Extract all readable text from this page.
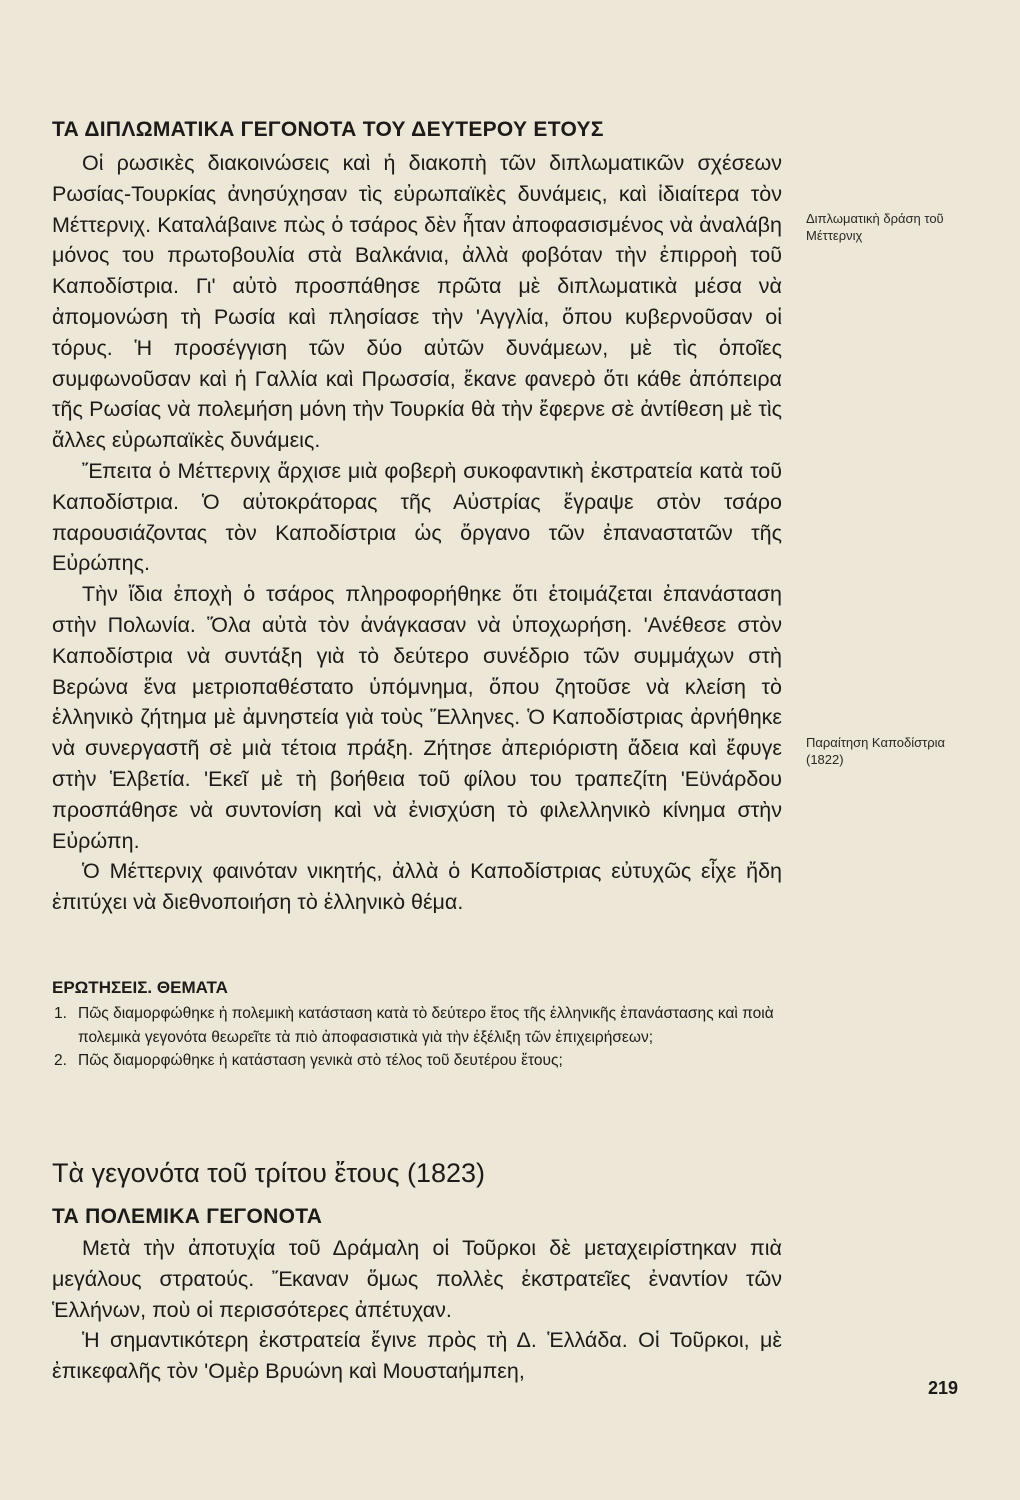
ΤΑ ΔΙΠΛΩΜΑΤΙΚΑ ΓΕΓΟΝΟΤΑ ΤΟΥ ΔΕΥΤΕΡΟΥ ΕΤΟΥΣ

Οἱ ρωσικὲς διακοινώσεις καὶ ἡ διακοπὴ τῶν διπλωματικῶν σχέσεων Ρωσίας-Τουρκίας ἀνησύχησαν τὶς εὐρωπαϊκὲς δυνάμεις, καὶ ἰδιαίτερα τὸν Μέττερνιχ. Καταλάβαινε πὼς ὁ τσάρος δὲν ἦταν ἀποφασισμένος νὰ ἀναλάβη μόνος του πρωτοβουλία στὰ Βαλκάνια, ἀλλὰ φοβόταν τὴν ἐπιρροὴ τοῦ Καποδίστρια. Γι' αὐτὸ προσπάθησε πρῶτα μὲ διπλωματικὰ μέσα νὰ ἀπομονώση τὴ Ρωσία καὶ πλησίασε τὴν 'Αγγλία, ὅπου κυβερνοῦσαν οἱ τόρυς. Ἡ προσέγγιση τῶν δύο αὐτῶν δυνάμεων, μὲ τὶς ὁποῖες συμφωνοῦσαν καὶ ἡ Γαλλία καὶ Πρωσσία, ἔκανε φανερὸ ὅτι κάθε ἀπόπειρα τῆς Ρωσίας νὰ πολεμήση μόνη τὴν Τουρκία θὰ τὴν ἔφερνε σὲ ἀντίθεση μὲ τὶς ἄλλες εὐρωπαϊκὲς δυνάμεις.

Ἔπειτα ὁ Μέττερνιχ ἄρχισε μιὰ φοβερὴ συκοφαντικὴ ἐκστρατεία κατὰ τοῦ Καποδίστρια. Ὁ αὐτοκράτορας τῆς Αὐστρίας ἔγραψε στὸν τσάρο παρουσιάζοντας τὸν Καποδίστρια ὡς ὄργανο τῶν ἐπαναστατῶν τῆς Εὐρώπης.

Τὴν ἴδια ἐποχὴ ὁ τσάρος πληροφορήθηκε ὅτι ἑτοιμάζεται ἐπανάσταση στὴν Πολωνία. Ὅλα αὐτὰ τὸν ἀνάγκασαν νὰ ὑποχωρήση. 'Ανέθεσε στὸν Καποδίστρια νὰ συντάξη γιὰ τὸ δεύτερο συνέδριο τῶν συμμάχων στὴ Βερώνα ἕνα μετριοπαθέστατο ὑπόμνημα, ὅπου ζητοῦσε νὰ κλείση τὸ ἑλληνικὸ ζήτημα μὲ ἀμνηστεία γιὰ τοὺς Ἕλληνες. Ὁ Καποδίστριας ἀρνήθηκε νὰ συνεργαστῆ σὲ μιὰ τέτοια πράξη. Ζήτησε ἀπεριόριστη ἄδεια καὶ ἔφυγε στὴν Ἑλβετία. 'Εκεῖ μὲ τὴ βοήθεια τοῦ φίλου του τραπεζίτη 'Εϋνάρδου προσπάθησε νὰ συντονίση καὶ νὰ ἐνισχύση τὸ φιλελληνικὸ κίνημα στὴν Εὐρώπη.

Ὁ Μέττερνιχ φαινόταν νικητής, ἀλλὰ ὁ Καποδίστριας εὐτυχῶς εἶχε ἤδη ἐπιτύχει νὰ διεθνοποιήση τὸ ἑλληνικὸ θέμα.

Διπλωματικὴ δράση τοῦ Μέττερνιχ
Παραίτηση Καποδίστρια (1822)
ΕΡΩΤΗΣΕΙΣ. ΘΕΜΑΤΑ

1. Πῶς διαμορφώθηκε ἡ πολεμικὴ κατάσταση κατὰ τὸ δεύτερο ἔτος τῆς ἑλληνικῆς ἐπανάστασης καὶ ποιὰ πολεμικὰ γεγονότα θεωρεῖτε τὰ πιὸ ἀποφασιστικὰ γιὰ τὴν ἐξέλιξη τῶν ἐπιχειρήσεων;

2. Πῶς διαμορφώθηκε ἡ κατάσταση γενικὰ στὸ τέλος τοῦ δευτέρου ἔτους;

Τὰ γεγονότα τοῦ τρίτου ἔτους (1823)
ΤΑ ΠΟΛΕΜΙΚΑ ΓΕΓΟΝΟΤΑ

Μετὰ τὴν ἀποτυχία τοῦ Δράμαλη οἱ Τοῦρκοι δὲ μεταχειρίστηκαν πιὰ μεγάλους στρατούς. Ἔκαναν ὅμως πολλὲς ἐκστρατεῖες ἐναντίον τῶν Ἑλλήνων, ποὺ οἱ περισσότερες ἀπέτυχαν.

Ἡ σημαντικότερη ἐκστρατεία ἔγινε πρὸς τὴ Δ. Ἑλλάδα. Οἱ Τοῦρκοι, μὲ ἐπικεφαλῆς τὸν 'Ομὲρ Βρυώνη καὶ Μουσταήμπεη,

219
